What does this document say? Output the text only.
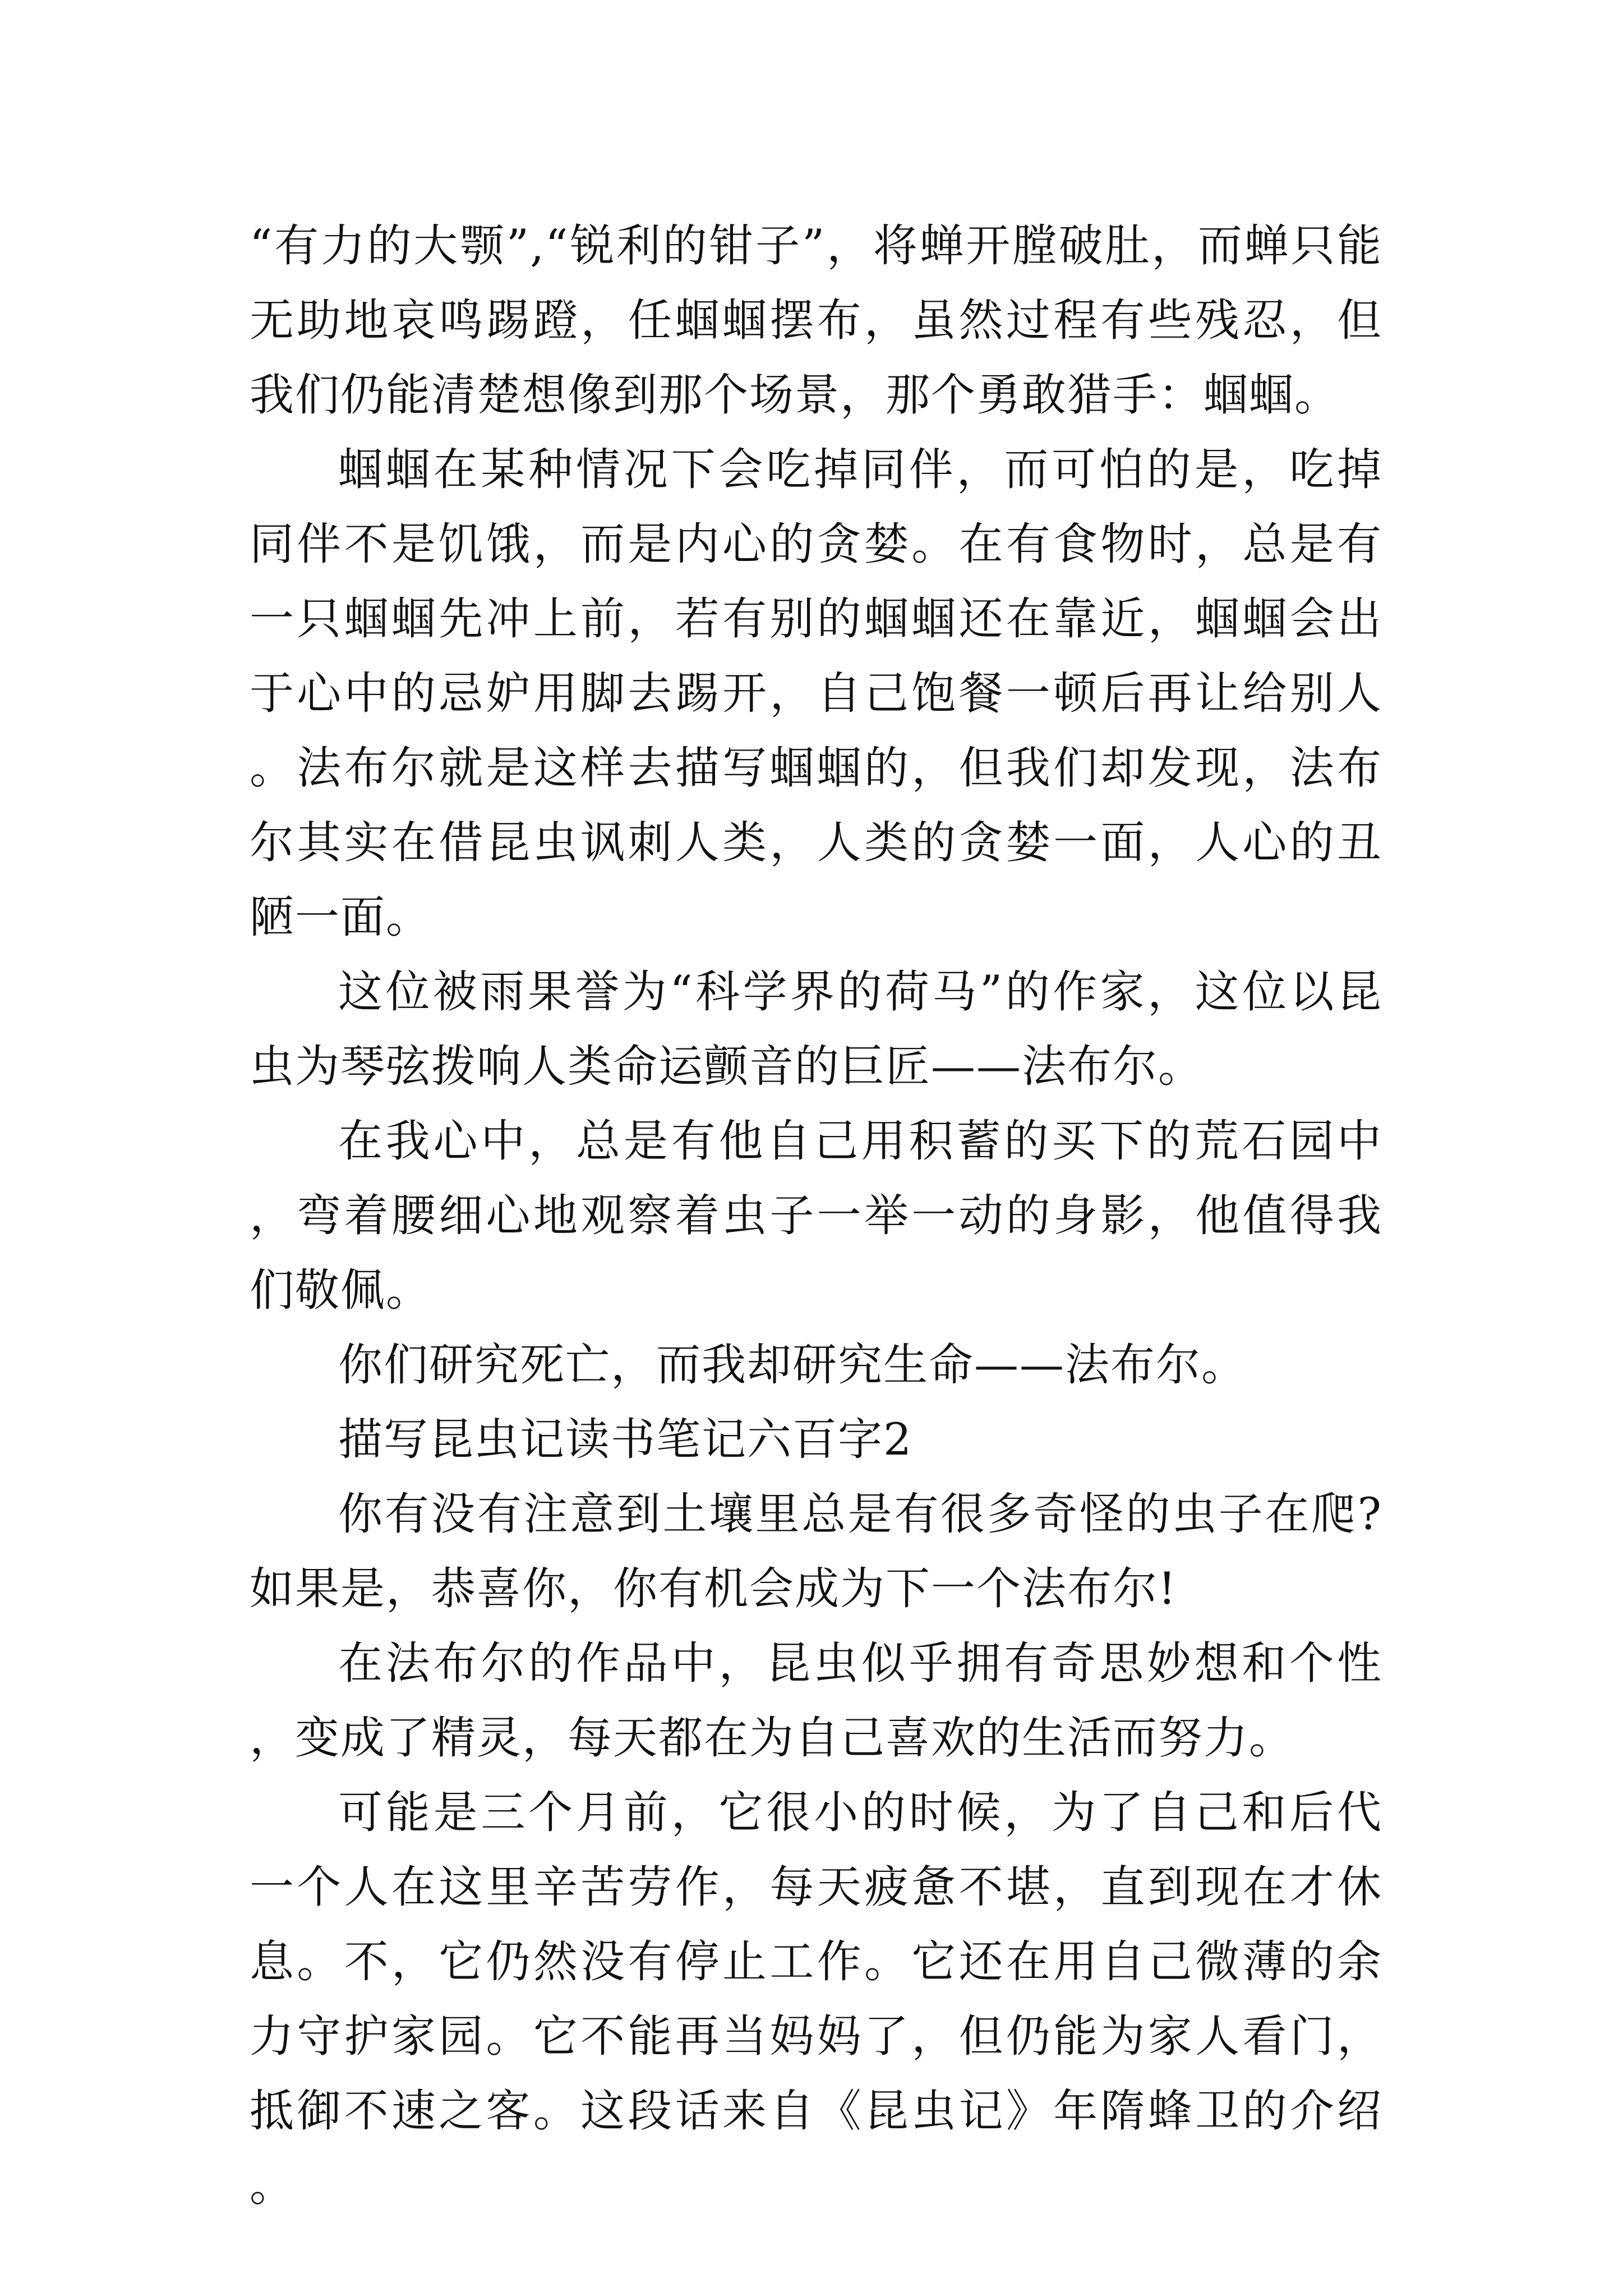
“有力的大颚”,“锐利的钳子”，将蝉开膛破肚，而蝉只能无助地哀鸣踢蹬，任蝈蝈摆布，虽然过程有些残忍，但我们仍能清楚想像到那个场景，那个勇敢猎手：蝈蝈。

蝈蝈在某种情况下会吃掉同伴，而可怕的是，吃掉同伴不是饥饿，而是内心的贪婪。在有食物时，总是有一只蝈蝈先冲上前，若有别的蝈蝈还在靠近，蝈蝈会出于心中的忌妒用脚去踢开，自己饱餐一顿后再让给别人。法布尔就是这样去描写蝈蝈的，但我们却发现，法布尔其实在借昆虫讽刺人类，人类的贪婪一面，人心的丑陋一面。

这位被雨果誉为“科学界的荷马”的作家，这位以昆虫为琴弦拨响人类命运颤音的巨匠——法布尔。

在我心中，总是有他自己用积蓄的买下的荒石园中，弯着腰细心地观察着虫子一举一动的身影，他值得我们敬佩。

你们研究死亡，而我却研究生命——法布尔。

描写昆虫记读书笔记六百字2

你有没有注意到土壤里总是有很多奇怪的虫子在爬?如果是，恭喜你，你有机会成为下一个法布尔!

在法布尔的作品中，昆虫似乎拥有奇思妙想和个性，变成了精灵，每天都在为自己喜欢的生活而努力。

可能是三个月前，它很小的时候，为了自己和后代一个人在这里辛苦劳作，每天疲惫不堪，直到现在才休息。不，它仍然没有停止工作。它还在用自己微薄的余力守护家园。它不能再当妈妈了，但仍能为家人看门，抵御不速之客。这段话来自《昆虫记》年隋蜂卫的介绍。
